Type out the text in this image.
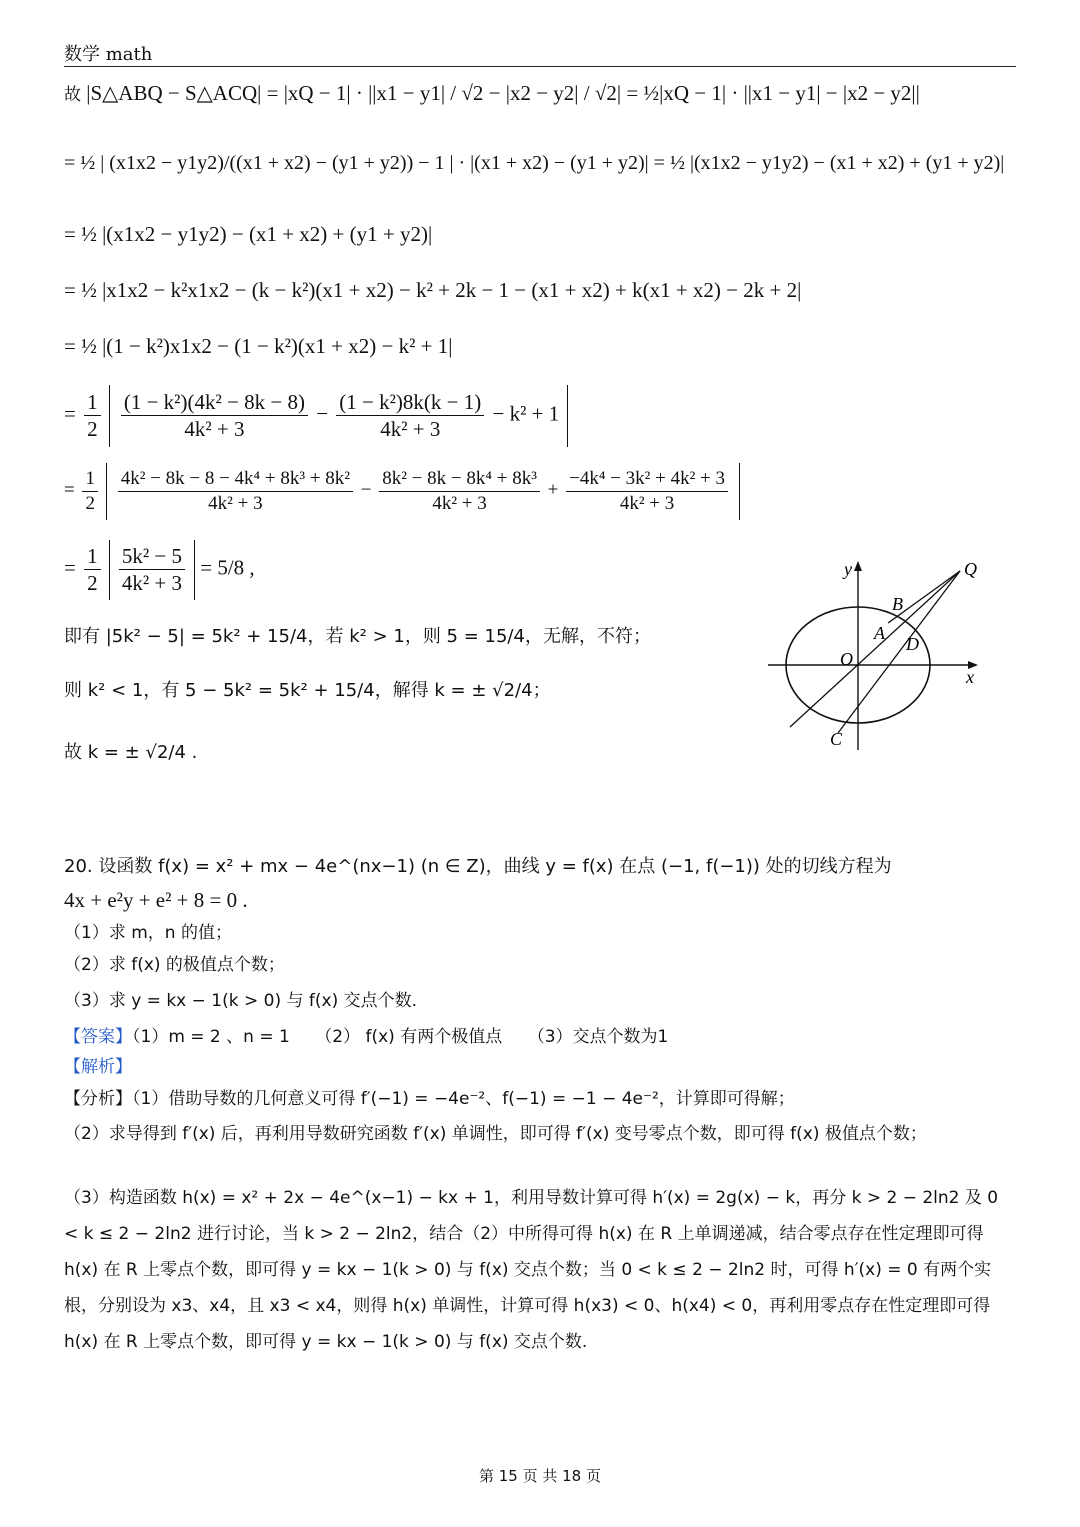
数学 math
故 |S△ABQ − S△ACQ| = |xQ − 1| · ||x1 − y1| / √2 − |x2 − y2| / √2| = ½|xQ − 1| · ||x1 − y1| − |x2 − y2||
= ½ | (x1x2 − y1y2)/((x1 + x2) − (y1 + y2)) − 1 | · |(x1 + x2) − (y1 + y2)| = ½ |(x1x2 − y1y2) − (x1 + x2) + (y1 + y2)|
= ½ |(x1x2 − y1y2) − (x1 + x2) + (y1 + y2)|
= ½ |x1x2 − k²x1x2 − (k − k²)(x1 + x2) − k² + 2k − 1 − (x1 + x2) + k(x1 + x2) − 2k + 2|
= ½ |(1 − k²)x1x2 − (1 − k²)(x1 + x2) − k² + 1|
= $\frac{1}{2}$
$\frac{\text{(1 − k²)(4k² − 8k − 8)}}{\text{4k² + 3}} - \frac{\text{(1 − k²)8k(k − 1)}}{\text{4k² + 3}} - k^2 + 1$
= $\frac{1}{2}$
$\frac{\text{4k² − 8k − 8 − 4k⁴ + 8k³ + 8k²}}{\text{4k² + 3}} - \frac{\text{8k² − 8k − 8k⁴ + 8k³}}{\text{4k² + 3}} + \frac{\text{−4k⁴ − 3k² + 4k² + 3}}{\text{4k² + 3}}$
= $\frac{1}{2}$
$\frac{\text{5k² − 5}}{\text{4k² + 3}} = 5/8$ ,
即有 |5k² − 5| = 5k² + 15/4，若 k² > 1，则 5 = 15/4，无解，不符；
则 k² < 1，有 5 − 5k² = 5k² + 15/4，解得 k = ± √2/4；
故 k = ± √2/4 .
y
x
O
Q
B
A
D
C
20. 设函数 f(x) = x² + mx − 4e^(nx−1) (n ∈ Z)，曲线 y = f(x) 在点 (−1, f(−1)) 处的切线方程为
4x + e²y + e² + 8 = 0 .
（1）求 m，n 的值；
（2）求 f(x) 的极值点个数；
（3）求 y = kx − 1(k > 0) 与 f(x) 交点个数.
【答案】（1）m = 2 、n = 1　　（2） f(x) 有两个极值点　　（3）交点个数为1
【解析】
【分析】（1）借助导数的几何意义可得 f′(−1) = −4e⁻²、f(−1) = −1 − 4e⁻²，计算即可得解；
（2）求导得到 f′(x) 后，再利用导数研究函数 f′(x) 单调性，即可得 f′(x) 变号零点个数，即可得 f(x) 极值点个数；
（3）构造函数 h(x) = x² + 2x − 4e^(x−1) − kx + 1，利用导数计算可得 h′(x) = 2g(x) − k，再分 k > 2 − 2ln2 及 0 < k ≤ 2 − 2ln2 进行讨论，当 k > 2 − 2ln2，结合（2）中所得可得 h(x) 在 R 上单调递减，结合零点存在性定理即可得 h(x) 在 R 上零点个数，即可得 y = kx − 1(k > 0) 与 f(x) 交点个数；当 0 < k ≤ 2 − 2ln2 时，可得 h′(x) = 0 有两个实根，分别设为 x3、x4，且 x3 < x4，则得 h(x) 单调性，计算可得 h(x3) < 0、h(x4) < 0，再利用零点存在性定理即可得 h(x) 在 R 上零点个数，即可得 y = kx − 1(k > 0) 与 f(x) 交点个数.
第 15 页 共 18 页
